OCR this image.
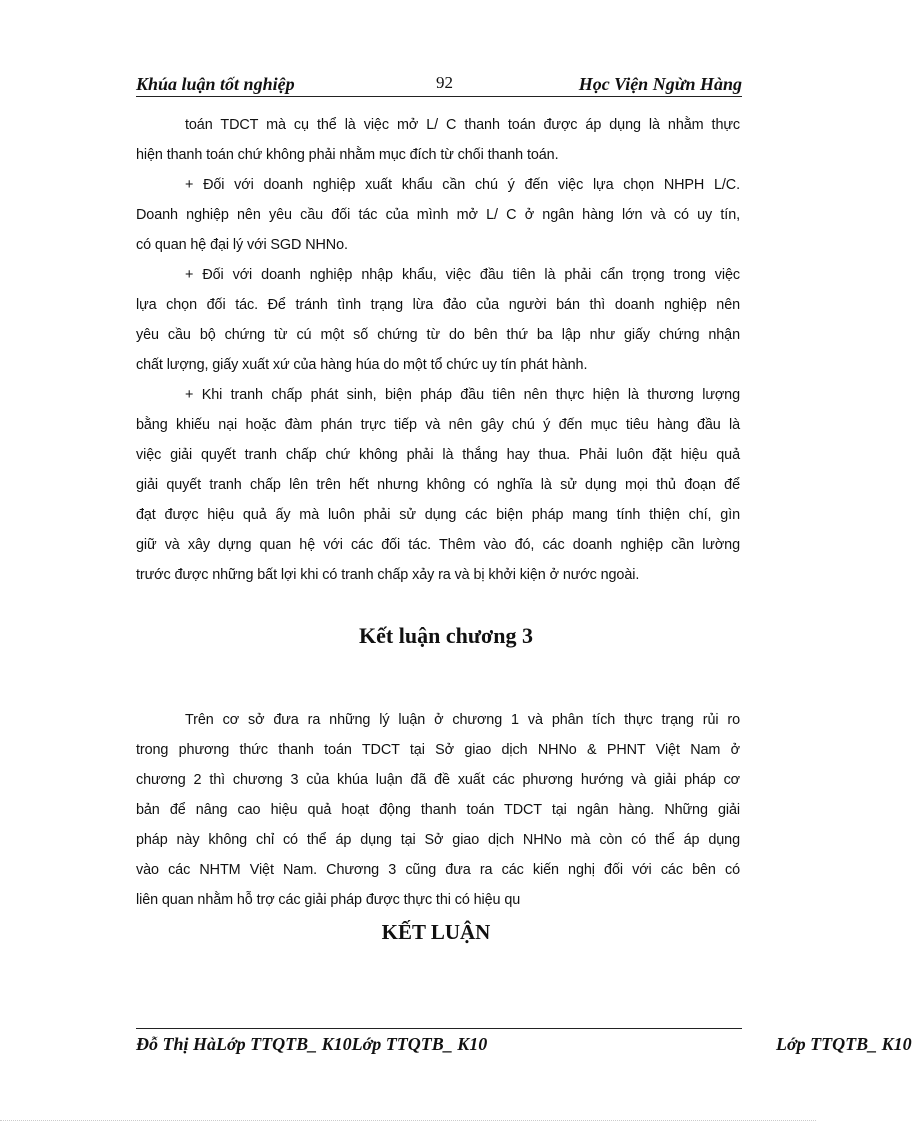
Khúa luận tốt nghiệp	92	Học Viện Ngừn Hàng
toán TDCT mà cụ thể là việc mở L/ C thanh toán được áp dụng là nhằm thực
hiện thanh toán chứ không phải nhằm mục đích từ chối thanh toán.
+ Đối với doanh nghiệp xuất khẩu cần chú ý đến việc lựa chọn NHPH L/C.
Doanh nghiệp nên yêu cầu đối tác của mình mở L/ C ở ngân hàng lớn và có uy tín,
có quan hệ đại lý với SGD NHNo.
+ Đối với doanh nghiệp nhập khẩu, việc đầu tiên là phải cẩn trọng trong việc
lựa chọn đối tác. Để tránh tình trạng lừa đảo của người bán thì doanh nghiệp nên
yêu cầu bộ chứng từ cú một số chứng từ do bên thứ ba lập như giấy chứng nhận
chất lượng, giấy xuất xứ của hàng húa do một tổ chức uy tín phát hành.
+ Khi tranh chấp phát sinh, biện pháp đầu tiên nên thực hiện là thương lượng
bằng khiếu nại hoặc đàm phán trực tiếp và nên gây chú ý đến mục tiêu hàng đầu là
việc giải quyết tranh chấp chứ không phải là thắng hay thua. Phải luôn đặt hiệu quả
giải quyết tranh chấp lên trên hết nhưng không có nghĩa là sử dụng mọi thủ đoạn để
đạt được hiệu quả ấy mà luôn phải sử dụng các biện pháp mang tính thiện chí, gìn
giữ và xây dựng quan hệ với các đối tác. Thêm vào đó, các doanh nghiệp cần lường
trước được những bất lợi khi có tranh chấp xảy ra và bị khởi kiện ở nước ngoài.
Kết luận chương 3
Trên cơ sở đưa ra những lý luận ở chương 1 và phân tích thực trạng rủi ro
trong phương thức thanh toán TDCT tại Sở giao dịch NHNo & PHNT Việt Nam ở
chương 2 thì chương 3 của khúa luận đã đề xuất các phương hướng và giải pháp cơ
bản để nâng cao hiệu quả hoạt động thanh toán TDCT tại ngân hàng. Những giải
pháp này không chỉ có thể áp dụng tại Sở giao dịch NHNo mà còn có thể áp dụng
vào các NHTM Việt Nam. Chương 3 cũng đưa ra các kiến nghị đối với các bên có
liên quan nhằm hỗ trợ các giải pháp được thực thi có hiệu qu
KẾT LUẬN
Đỗ Thị HàLớp TTQTB_ K10Lớp TTQTB_ K10	Lớp TTQTB_ K10
